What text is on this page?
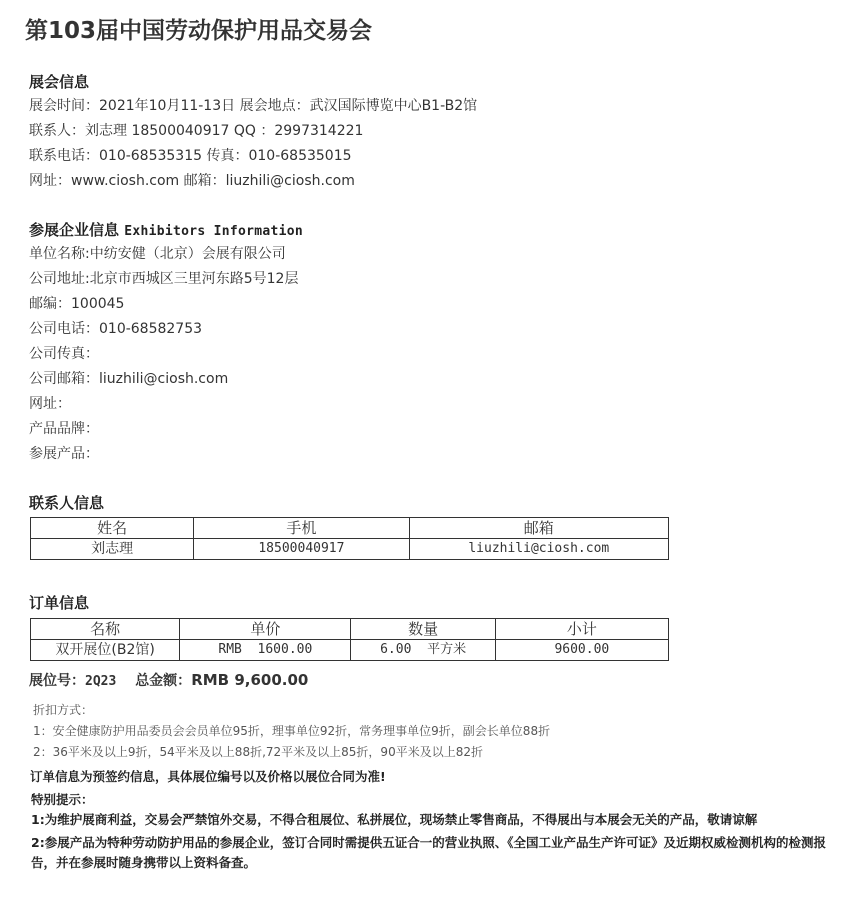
第103届中国劳动保护用品交易会
展会信息
展会时间：2021年10月11-13日 展会地点：武汉国际博览中心B1-B2馆
联系人：刘志理 18500040917 QQ ：2997314221
联系电话：010-68535315 传真：010-68535015
网址：www.ciosh.com 邮箱：liuzhili@ciosh.com
参展企业信息 Exhibitors Information
单位名称:中纺安健（北京）会展有限公司
公司地址:北京市西城区三里河东路5号12层
邮编：100045
公司电话：010-68582753
公司传真：
公司邮箱：liuzhili@ciosh.com
网址：
产品品牌：
参展产品：
联系人信息
姓名	手机	邮箱
刘志理	18500040917	liuzhili@ciosh.com
订单信息
名称	单价	数量	小计
双开展位(B2馆)	RMB  1600.00	6.00  平方米	9600.00
展位号：2Q23 总金额：RMB 9,600.00
折扣方式：
1：安全健康防护用品委员会会员单位95折，理事单位92折，常务理事单位9折，副会长单位88折
2：36平米及以上9折，54平米及以上88折,72平米及以上85折，90平米及以上82折
订单信息为预签约信息，具体展位编号以及价格以展位合同为准!
特别提示：
1:为维护展商利益，交易会严禁馆外交易，不得合租展位、私拼展位，现场禁止零售商品，不得展出与本展会无关的产品，敬请谅解
2:参展产品为特种劳动防护用品的参展企业，签订合同时需提供五证合一的营业执照、《全国工业产品生产许可证》及近期权威检测机构的检测报告，并在参展时随身携带以上资料备查。
